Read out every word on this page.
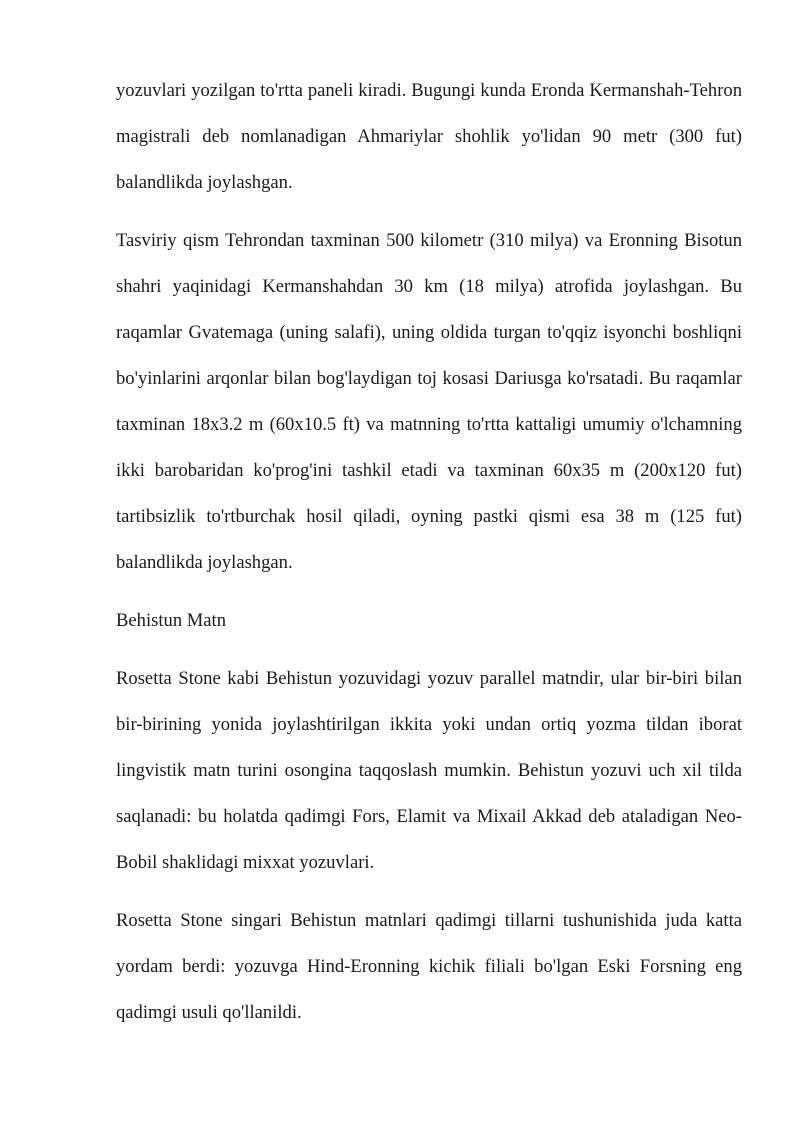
yozuvlari yozilgan to'rtta paneli kiradi. Bugungi kunda Eronda Kermanshah-Tehron magistrali deb nomlanadigan Ahmariylar shohlik yo'lidan 90 metr (300 fut) balandlikda joylashgan.

Tasviriy qism Tehrondan taxminan 500 kilometr (310 milya) va Eronning Bisotun shahri yaqinidagi Kermanshahdan 30 km (18 milya) atrofida joylashgan. Bu raqamlar Gvatemaga (uning salafi), uning oldida turgan to'qqiz isyonchi boshliqni bo'yinlarini arqonlar bilan bog'laydigan toj kosasi Dariusga ko'rsatadi. Bu raqamlar taxminan 18x3.2 m (60x10.5 ft) va matnning to'rtta kattaligi umumiy o'lchamning ikki barobaridan ko'prog'ini tashkil etadi va taxminan 60x35 m (200x120 fut) tartibsizlik to'rtburchak hosil qiladi, oyning pastki qismi esa 38 m (125 fut) balandlikda joylashgan.

Behistun Matn

Rosetta Stone kabi Behistun yozuvidagi yozuv parallel matndir, ular bir-biri bilan bir-birining yonida joylashtirilgan ikkita yoki undan ortiq yozma tildan iborat lingvistik matn turini osongina taqqoslash mumkin. Behistun yozuvi uch xil tilda saqlanadi: bu holatda qadimgi Fors, Elamit va Mixail Akkad deb ataladigan Neo-Bobil shaklidagi mixxat yozuvlari.

Rosetta Stone singari Behistun matnlari qadimgi tillarni tushunishida juda katta yordam berdi: yozuvga Hind-Eronning kichik filiali bo'lgan Eski Forsning eng qadimgi usuli qo'llanildi.
